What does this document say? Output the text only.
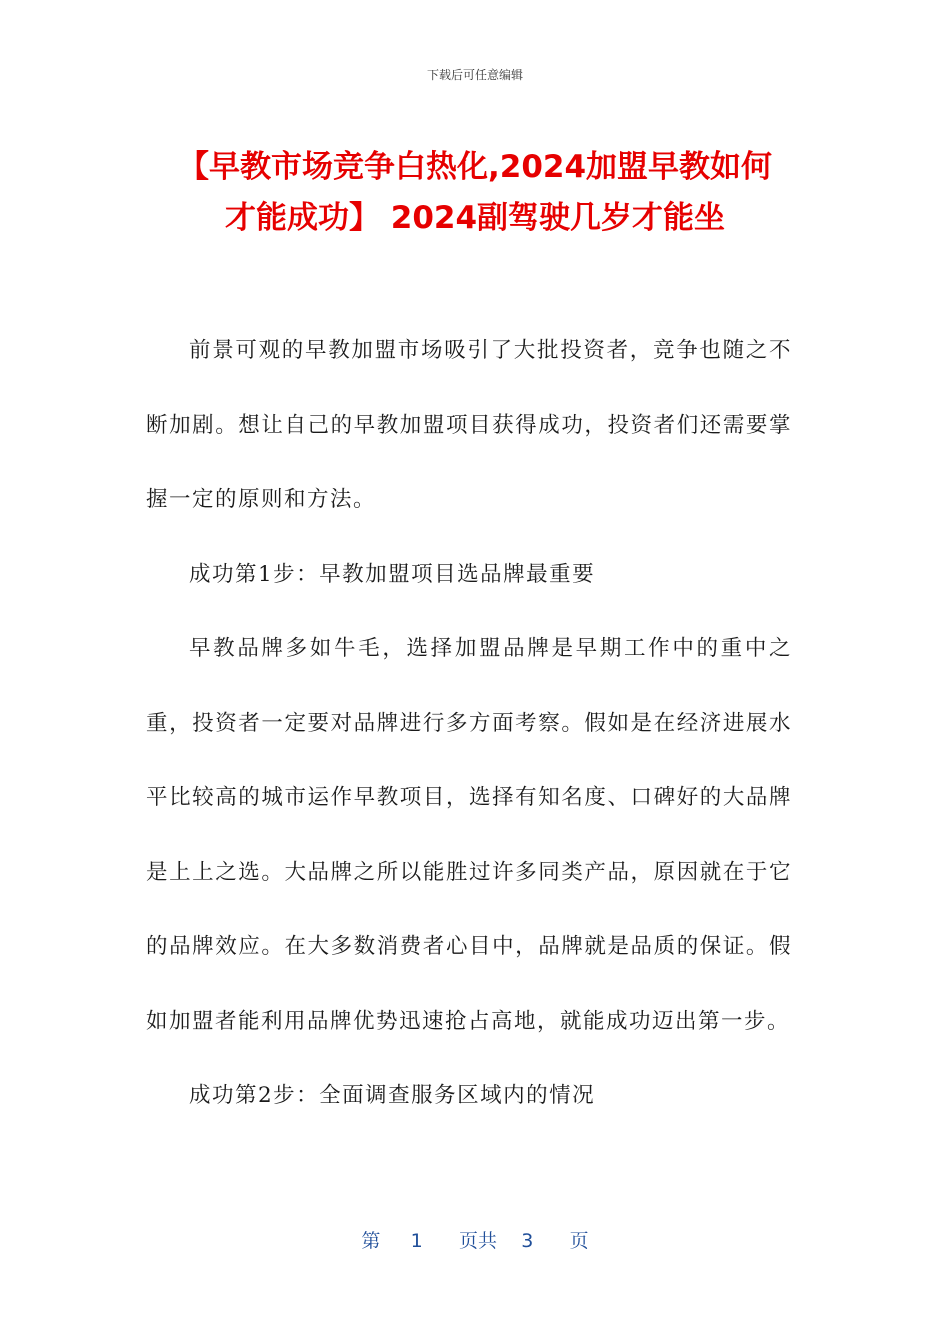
下载后可任意编辑
【早教市场竞争白热化,2024加盟早教如何
才能成功】 2024副驾驶几岁才能坐

前景可观的早教加盟市场吸引了大批投资者，竞争也随之不断加剧。想让自己的早教加盟项目获得成功，投资者们还需要掌握一定的原则和方法。

成功第1步：早教加盟项目选品牌最重要

早教品牌多如牛毛，选择加盟品牌是早期工作中的重中之重，投资者一定要对品牌进行多方面考察。假如是在经济进展水平比较高的城市运作早教项目，选择有知名度、口碑好的大品牌是上上之选。大品牌之所以能胜过许多同类产品，原因就在于它的品牌效应。在大多数消费者心目中，品牌就是品质的保证。假如加盟者能利用品牌优势迅速抢占高地，就能成功迈出第一步。

成功第2步：全面调查服务区域内的情况

第 1 页共 3 页
